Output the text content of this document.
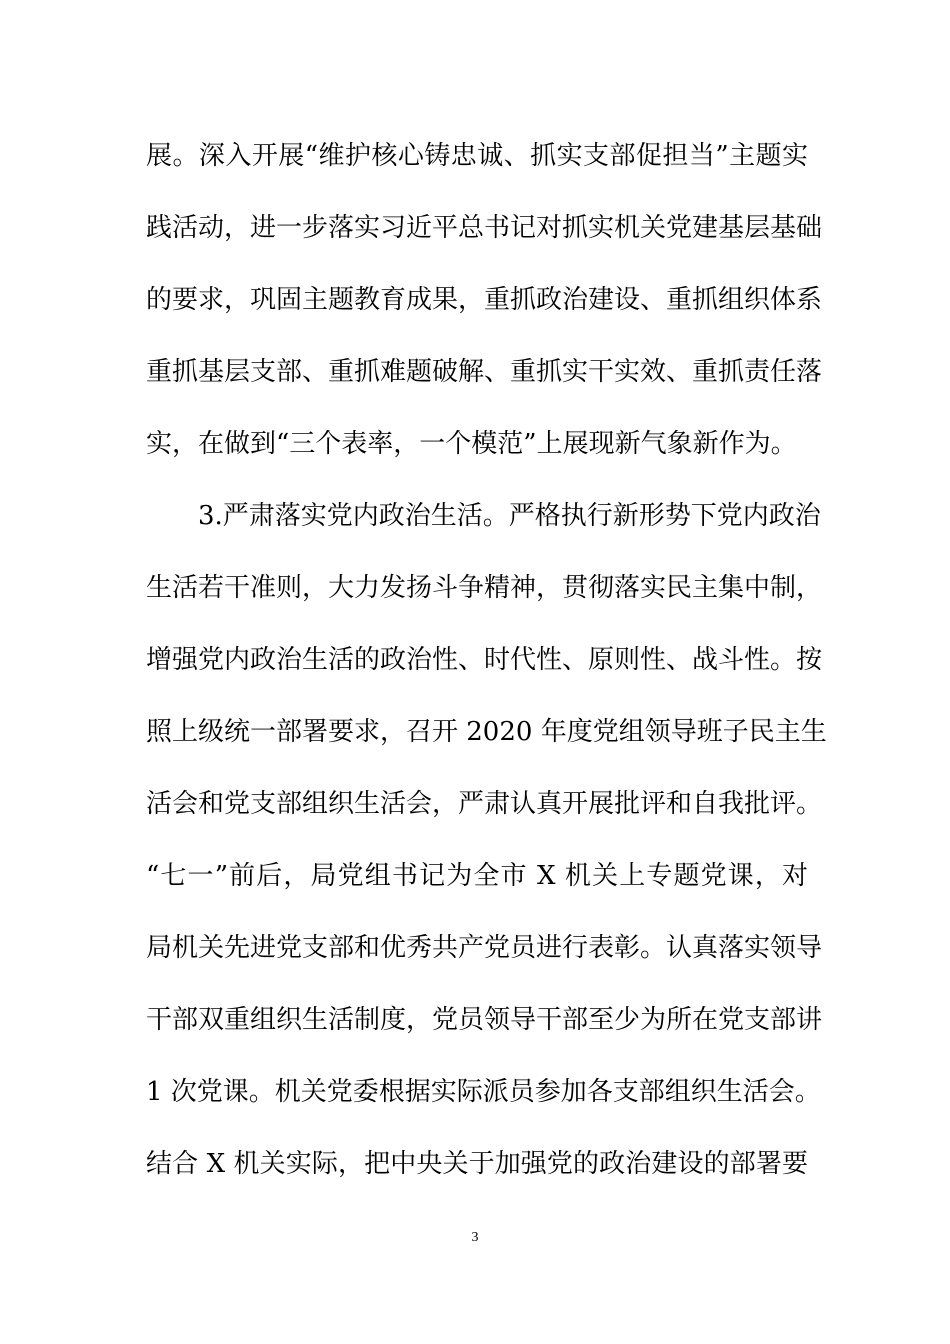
展。深入开展“维护核心铸忠诚、抓实支部促担当”主题实
践活动，进一步落实习近平总书记对抓实机关党建基层基础
的要求，巩固主题教育成果，重抓政治建设、重抓组织体系
重抓基层支部、重抓难题破解、重抓实干实效、重抓责任落
实，在做到“三个表率，一个模范”上展现新气象新作为。
3.严肃落实党内政治生活。严格执行新形势下党内政治
生活若干准则，大力发扬斗争精神，贯彻落实民主集中制，
增强党内政治生活的政治性、时代性、原则性、战斗性。按
照上级统一部署要求，召开 2020 年度党组领导班子民主生
活会和党支部组织生活会，严肃认真开展批评和自我批评。
“七一”前后，局党组书记为全市 X 机关上专题党课，对
局机关先进党支部和优秀共产党员进行表彰。认真落实领导
干部双重组织生活制度，党员领导干部至少为所在党支部讲
1 次党课。机关党委根据实际派员参加各支部组织生活会。
结合 X 机关实际，把中央关于加强党的政治建设的部署要
3
